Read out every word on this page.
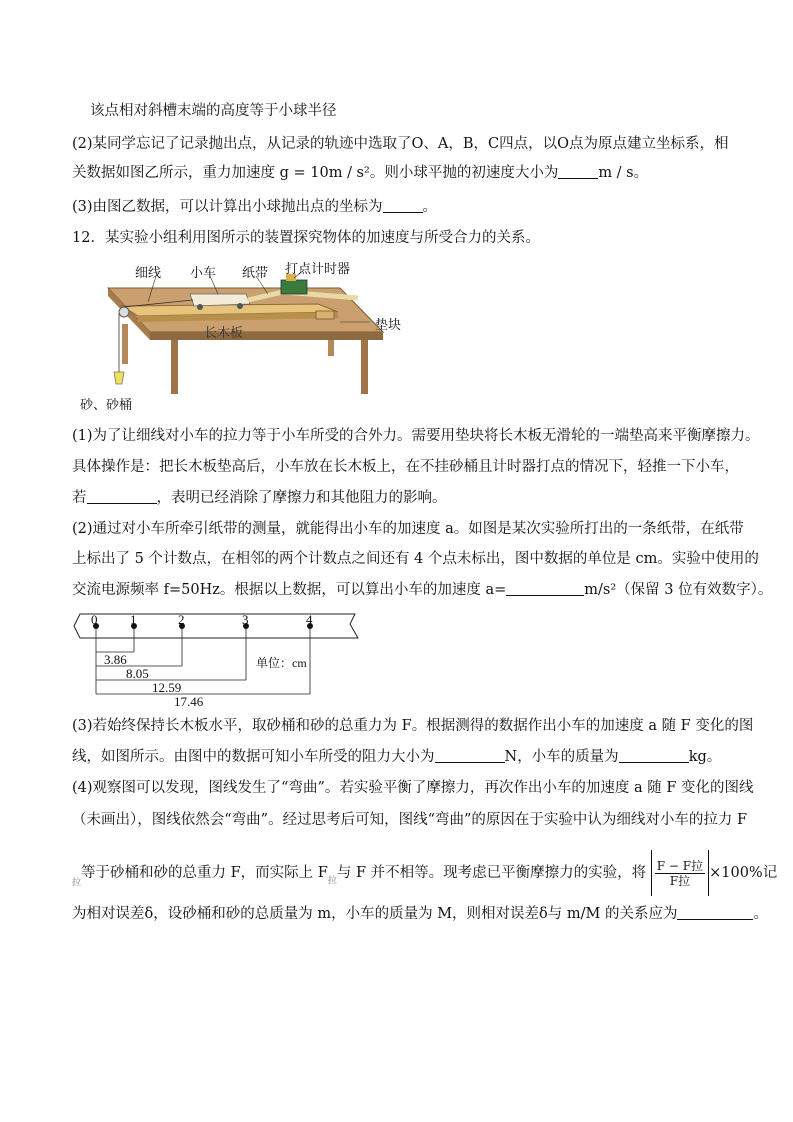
该点相对斜槽末端的高度等于小球半径
(2)某同学忘记了记录抛出点，从记录的轨迹中选取了O、A，B，C四点，以O点为原点建立坐标系，相
关数据如图乙所示，重力加速度 g = 10m / s²。则小球平抛的初速度大小为	m / s。
(3)由图乙数据，可以计算出小球抛出点的坐标为	。
12．某实验小组利用图所示的装置探究物体的加速度与所受合力的关系。
细线 小车 纸带 打点计时器
垫块
长木板
砂、砂桶
(1)为了让细线对小车的拉力等于小车所受的合外力。需要用垫块将长木板无滑轮的一端垫高来平衡摩擦力。
具体操作是：把长木板垫高后，小车放在长木板上，在不挂砂桶且计时器打点的情况下，轻推一下小车，
若	，表明已经消除了摩擦力和其他阻力的影响。
(2)通过对小车所牵引纸带的测量，就能得出小车的加速度 a。如图是某次实验所打出的一条纸带，在纸带
上标出了 5 个计数点，在相邻的两个计数点之间还有 4 个点未标出，图中数据的单位是 cm。实验中使用的
交流电源频率 f=50Hz。根据以上数据，可以算出小车的加速度 a=	m/s²（保留 3 位有效数字）。
0	1	2	3	4
3.86
8.05
12.59
17.46
单位：cm
(3)若始终保持长木板水平，取砂桶和砂的总重力为 F。根据测得的数据作出小车的加速度 a 随 F 变化的图
线，如图所示。由图中的数据可知小车所受的阻力大小为	N，小车的质量为	kg。
(4)观察图可以发现，图线发生了“弯曲”。若实验平衡了摩擦力，再次作出小车的加速度 a 随 F 变化的图线
（未画出），图线依然会“弯曲”。经过思考后可知，图线“弯曲”的原因在于实验中认为细线对小车的拉力 F
$_拉$等于砂桶和砂的总重力 F，而实际上 $F_拉$与 F 并不相等。现考虑已平衡摩擦力的实验，将 $\frac{\text{F − F拉}}{\text{F拉}} \times 100\%$记
为相对误差δ，设砂桶和砂的总质量为 m，小车的质量为 M，则相对误差δ与 m/M 的关系应为	。
